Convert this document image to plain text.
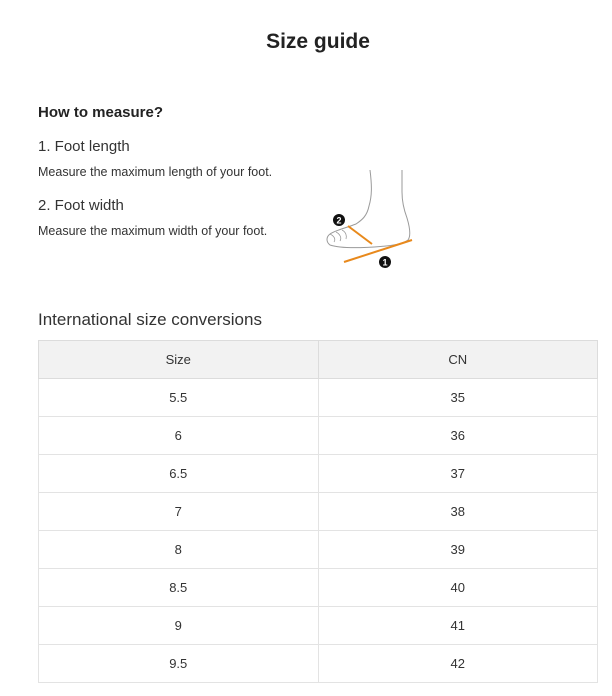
Size guide
How to measure?
1. Foot length
Measure the maximum length of your foot.
2. Foot width
Measure the maximum width of your foot.
2
1
International size conversions
Size	CN
5.5	35
6	36
6.5	37
7	38
8	39
8.5	40
9	41
9.5	42
